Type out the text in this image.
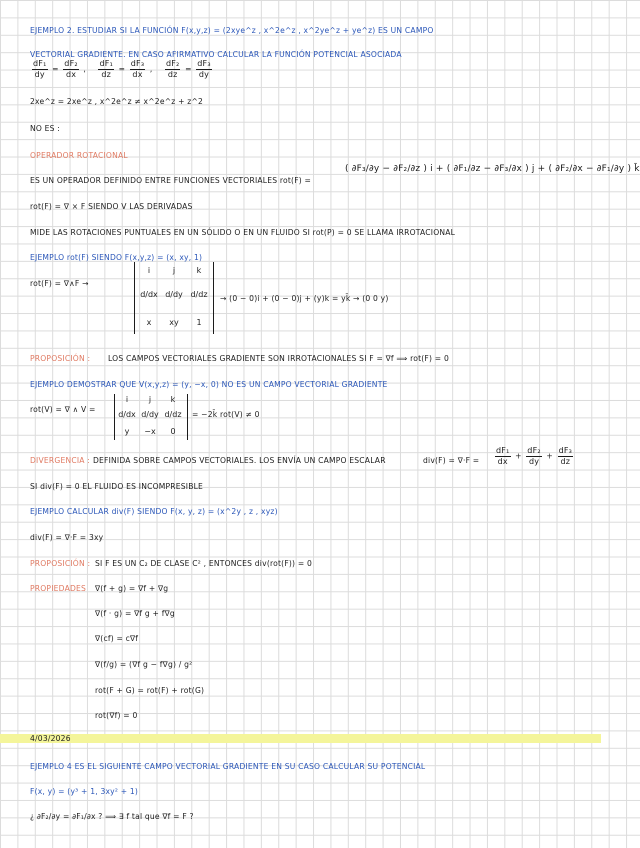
EJEMPLO 2. ESTUDIAR SI LA FUNCIÓN F(x,y,z) = (2xye^z , x^2e^z , x^2ye^z + ye^z) ES UN CAMPO
VECTORIAL GRADIENTE. EN CASO AFIRMATIVO CALCULAR LA FUNCIÓN POTENCIAL ASOCIADA
$\frac{\text{dF₁}}{dy} = \frac{\text{dF₂}}{dx}$ , $\frac{\text{dF₁}}{dz} = \frac{\text{dF₃}}{dx}$ , $\frac{\text{dF₂}}{dz} = \frac{\text{dF₃}}{dy}$
2xe^z = 2xe^z , x^2e^z ≠ x^2e^z + z^2
NO ES :
OPERADOR ROTACIONAL
ES UN OPERADOR DEFINIDO ENTRE FUNCIONES VECTORIALES rot(F) =
( ∂F₃/∂y − ∂F₂/∂z ) i + ( ∂F₁/∂z − ∂F₃/∂x ) j + ( ∂F₂/∂x − ∂F₁/∂y ) k̄
rot(F) = ∇ × F SIENDO V LAS DERIVADAS
MIDE LAS ROTACIONES PUNTUALES EN UN SÓLIDO O EN UN FLUIDO SI rot(P) = 0 SE LLAMA IRROTACIONAL
EJEMPLO rot(F) SIENDO F(x,y,z) = (x, xy, 1)
rot(F) = ∇∧F →
i	j	k
d/dx d/dy d/dz
x	xy	1
→ (0 − 0)i + (0 − 0)j + (y)k = yk̄ → (0 0 y)
PROPOSICIÓN : LOS CAMPOS VECTORIALES GRADIENTE SON IRROTACIONALES SI F = ∇f ⟹ rot(F) = 0
EJEMPLO DEMOSTRAR QUE V(x,y,z) = (y, −x, 0) NO ES UN CAMPO VECTORIAL GRADIENTE
rot(V) = ∇ ∧ V =
i	j	k
d/dx d/dy d/dz
y	−x	0
= −2k̄ rot(V) ≠ 0
DIVERGENCIA : DEFINIDA SOBRE CAMPOS VECTORIALES. LOS ENVÍA UN CAMPO ESCALAR	$div(F) = \nabla\cdot F = \frac{\text{dF₁}}{dx} + \frac{\text{dF₂}}{dy} + \frac{\text{dF₃}}{dz}$
SI div(F) = 0 EL FLUIDO ES INCOMPRESIBLE
EJEMPLO CALCULAR div(F) SIENDO F(x, y, z) = (x^2y , z , xyz)
div(F) = ∇·F = 3xy
PROPOSICIÓN : SI F ES UN C₂ DE CLASE C² , ENTONCES div(rot(F)) = 0
PROPIEDADES ∇(f + g) = ∇f + ∇g
∇(f · g) = ∇f g + f∇g
∇(cf) = c∇f
∇(f/g) = (∇f g − f∇g) / g²
rot(F + G) = rot(F) + rot(G)
rot(∇f) = 0
4/03/2026
EJEMPLO 4 ES EL SIGUIENTE CAMPO VECTORIAL GRADIENTE EN SU CASO CALCULAR SU POTENCIAL
F(x, y) = (y³ + 1, 3xy² + 1)
¿ ∂F₂/∂y = ∂F₁/∂x ? ⟹ ∃ f tal que ∇f = F ?
